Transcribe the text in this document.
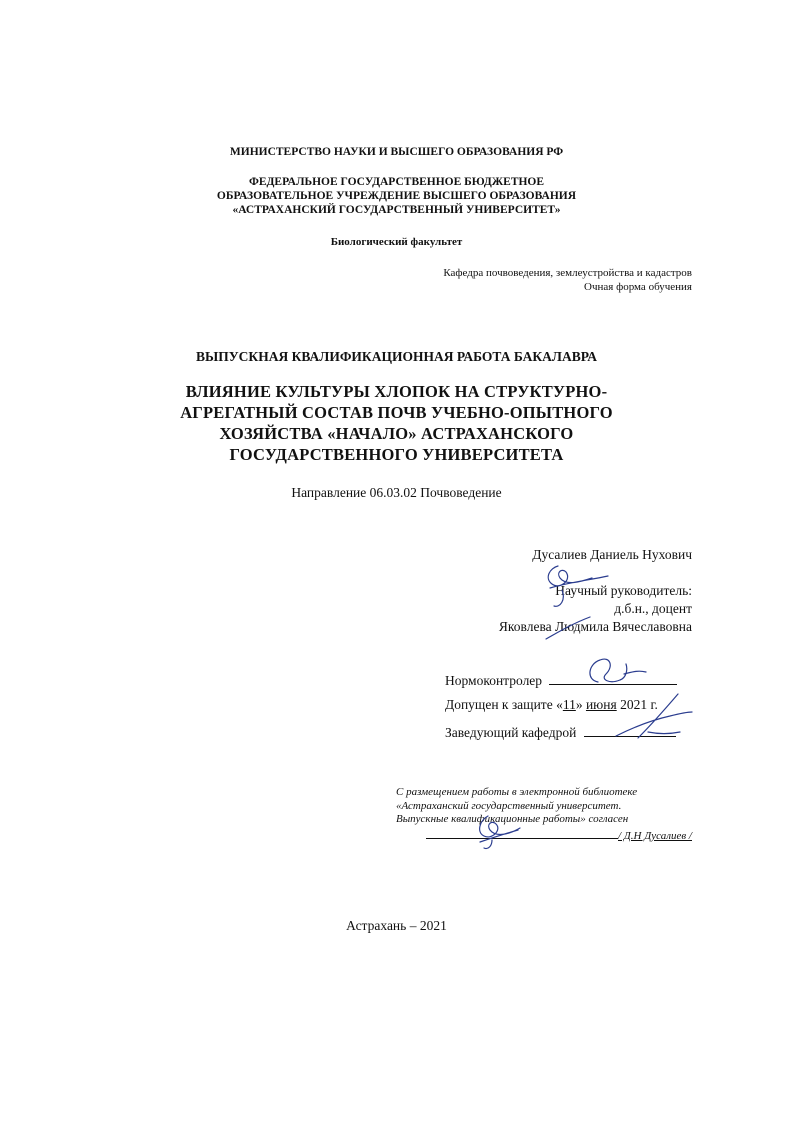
МИНИСТЕРСТВО НАУКИ И ВЫСШЕГО ОБРАЗОВАНИЯ РФ
ФЕДЕРАЛЬНОЕ ГОСУДАРСТВЕННОЕ БЮДЖЕТНОЕ
ОБРАЗОВАТЕЛЬНОЕ УЧРЕЖДЕНИЕ ВЫСШЕГО ОБРАЗОВАНИЯ
«АСТРАХАНСКИЙ ГОСУДАРСТВЕННЫЙ УНИВЕРСИТЕТ»
Биологический факультет
Кафедра почвоведения, землеустройства и кадастров
Очная форма обучения
ВЫПУСКНАЯ КВАЛИФИКАЦИОННАЯ РАБОТА БАКАЛАВРА
ВЛИЯНИЕ КУЛЬТУРЫ ХЛОПОК НА СТРУКТУРНО-
АГРЕГАТНЫЙ СОСТАВ ПОЧВ УЧЕБНО-ОПЫТНОГО
ХОЗЯЙСТВА «НАЧАЛО» АСТРАХАНСКОГО
ГОСУДАРСТВЕННОГО УНИВЕРСИТЕТА
Направление 06.03.02 Почвоведение
Дусалиев Даниель Нухович
Научный руководитель:
д.б.н., доцент
Яковлева Людмила Вячеславовна
Нормоконтролер
Допущен к защите «11» июня 2021 г.
Заведующий кафедрой
С размещением работы в электронной библиотеке
«Астраханский государственный университет.
Выпускные квалификационные работы» согласен
/ Д.Н Дусалиев /
Астрахань – 2021
